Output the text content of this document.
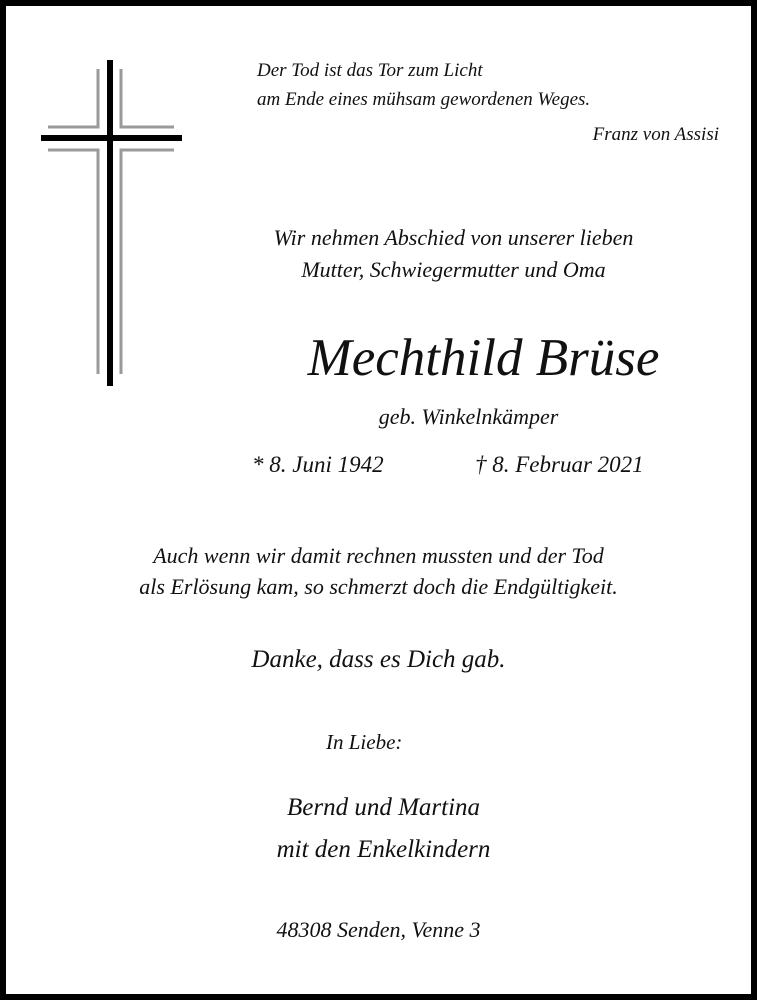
Der Tod ist das Tor zum Licht
am Ende eines mühsam gewordenen Weges.
Franz von Assisi
Wir nehmen Abschied von unserer lieben
Mutter, Schwiegermutter und Oma
Mechthild Brüse
geb. Winkelnkämper
* 8. Juni 1942	† 8. Februar 2021
Auch wenn wir damit rechnen mussten und der Tod
als Erlösung kam, so schmerzt doch die Endgültigkeit.
Danke, dass es Dich gab.
In Liebe:
Bernd und Martina
mit den Enkelkindern
48308 Senden, Venne 3
